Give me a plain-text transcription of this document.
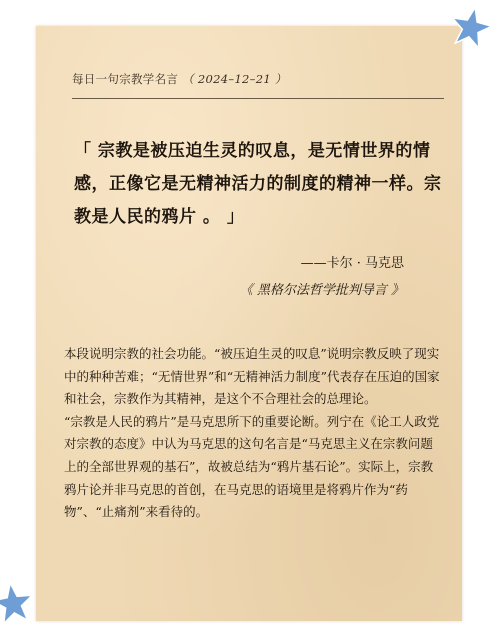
每日一句宗教学名言 （ 2024–12–21 ）
「 宗教是被压迫生灵的叹息，是无情世界的情感，正像它是无精神活力的制度的精神一样。宗教是人民的鸦片 。 」
——卡尔 · 马克思
《 黑格尔法哲学批判导言 》

本段说明宗教的社会功能。“被压迫生灵的叹息”说明宗教反映了现实中的种种苦难；“无情世界”和“无精神活力制度”代表存在压迫的国家和社会，宗教作为其精神，是这个不合理社会的总理论。

“宗教是人民的鸦片”是马克思所下的重要论断。列宁在《论工人政党对宗教的态度》中认为马克思的这句名言是“马克思主义在宗教问题上的全部世界观的基石”，故被总结为“鸦片基石论”。实际上，宗教鸦片论并非马克思的首创，在马克思的语境里是将鸦片作为“药物”、“止痛剂”来看待的。
